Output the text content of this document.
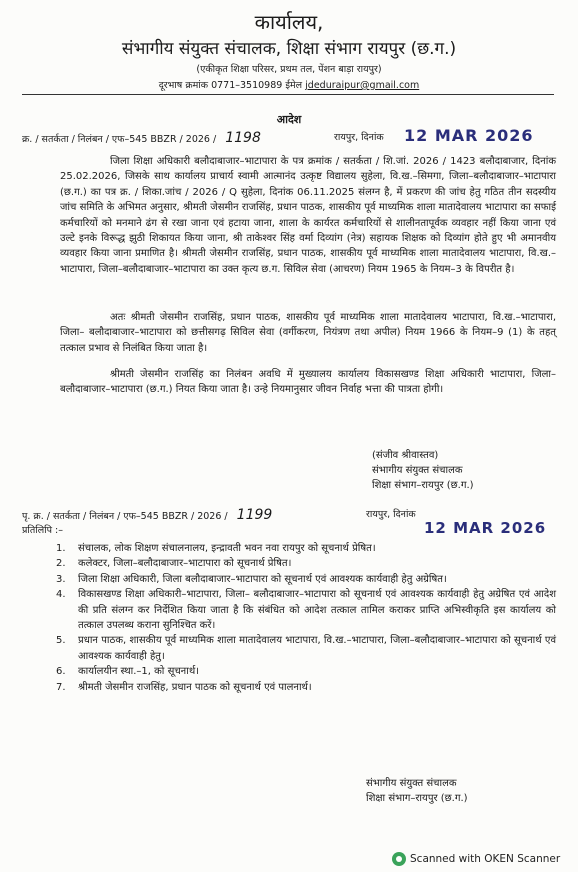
कार्यालय,
संभागीय संयुक्त संचालक, शिक्षा संभाग रायपुर (छ.ग.)
(एकीकृत शिक्षा परिसर, प्रथम तल, पेंशन बाड़ा रायपुर)
दूरभाष क्रमांक 0771–3510989 ईमेल jdeduraipur@gmail.com
आदेश
क्र. / सतर्कता / निलंबन / एफ–545 BBZR / 2026 / 1198	रायपुर, दिनांक 12 MAR 2026

जिला शिक्षा अधिकारी बलौदाबाजार–भाटापारा के पत्र क्रमांक / सतर्कता / शि.जां. 2026 / 1423 बलौदाबाजार, दिनांक 25.02.2026, जिसके साथ कार्यालय प्राचार्य स्वामी आत्मानंद उत्कृष्ट विद्यालय सुहेला, वि.ख.–सिमगा, जिला–बलौदाबाजार–भाटापारा (छ.ग.) का पत्र क्र. / शिका.जांच / 2026 / Q सुहेला, दिनांक 06.11.2025 संलग्न है, में प्रकरण की जांच हेतु गठित तीन सदस्यीय जांच समिति के अभिमत अनुसार, श्रीमती जेसमीन राजसिंह, प्रधान पाठक, शासकीय पूर्व माध्यमिक शाला मातादेवालय भाटापारा का सफाई कर्मचारियों को मनमाने ढंग से रखा जाना एवं हटाया जाना, शाला के कार्यरत कर्मचारियों से शालीनतापूर्वक व्यवहार नहीं किया जाना एवं उल्टे इनके विरूद्ध झुठी शिकायत किया जाना, श्री ताकेश्वर सिंह वर्मा दिव्यांग (नेत्र) सहायक शिक्षक को दिव्यांग होते हुए भी अमानवीय व्यवहार किया जाना प्रमाणित है। श्रीमती जेसमीन राजसिंह, प्रधान पाठक, शासकीय पूर्व माध्यमिक शाला मातादेवालय भाटापारा, वि.ख.–भाटापारा, जिला–बलौदाबाजार–भाटापारा का उक्त कृत्य छ.ग. सिविल सेवा (आचरण) नियम 1965 के नियम–3 के विपरीत है।

अतः श्रीमती जेसमीन राजसिंह, प्रधान पाठक, शासकीय पूर्व माध्यमिक शाला मातादेवालय भाटापारा, वि.ख.–भाटापारा, जिला– बलौदाबाजार–भाटापारा को छत्तीसगढ़ सिविल सेवा (वर्गीकरण, नियंत्रण तथा अपील) नियम 1966 के नियम–9 (1) के तहत् तत्काल प्रभाव से निलंबित किया जाता है।

श्रीमती जेसमीन राजसिंह का निलंबन अवधि में मुख्यालय कार्यालय विकासखण्ड शिक्षा अधिकारी भाटापारा, जिला–बलौदाबाजार–भाटापारा (छ.ग.) नियत किया जाता है। उन्हे नियमानुसार जीवन निर्वाह भत्ता की पात्रता होगी।

(संजीव श्रीवास्तव)
संभागीय संयुक्त संचालक
शिक्षा संभाग–रायपुर (छ.ग.)
पृ. क्र. / सतर्कता / निलंबन / एफ–545 BBZR / 2026 / 1199	रायपुर, दिनांक
12 MAR 2026
प्रतिलिपि :–
1. संचालक, लोक शिक्षण संचालनालय, इन्द्रावती भवन नवा रायपुर को सूचनार्थ प्रेषित।
2. कलेक्टर, जिला–बलौदाबाजार–भाटापारा को सूचनार्थ प्रेषित।
3. जिला शिक्षा अधिकारी, जिला बलौदाबाजार–भाटापारा को सूचनार्थ एवं आवश्यक कार्यवाही हेतु अग्रेषित।
4. विकासखण्ड शिक्षा अधिकारी–भाटापारा, जिला– बलौदाबाजार–भाटापारा को सूचनार्थ एवं आवश्यक कार्यवाही हेतु अग्रेषित एवं आदेश की प्रति संलग्न कर निर्देशित किया जाता है कि संबंधित को आदेश तत्काल तामिल कराकर प्राप्ति अभिस्वीकृति इस कार्यालय को तत्काल उपलब्ध कराना सुनिश्चित करें।
5. प्रधान पाठक, शासकीय पूर्व माध्यमिक शाला मातादेवालय भाटापारा, वि.ख.–भाटापारा, जिला–बलौदाबाजार–भाटापारा को सूचनार्थ एवं आवश्यक कार्यवाही हेतु।
6. कार्यालयीन स्था.–1, को सूचनार्थ।
7. श्रीमती जेसमीन राजसिंह, प्रधान पाठक को सूचनार्थ एवं पालनार्थ।
संभागीय संयुक्त संचालक
शिक्षा संभाग–रायपुर (छ.ग.)
Scanned with OKEN Scanner
